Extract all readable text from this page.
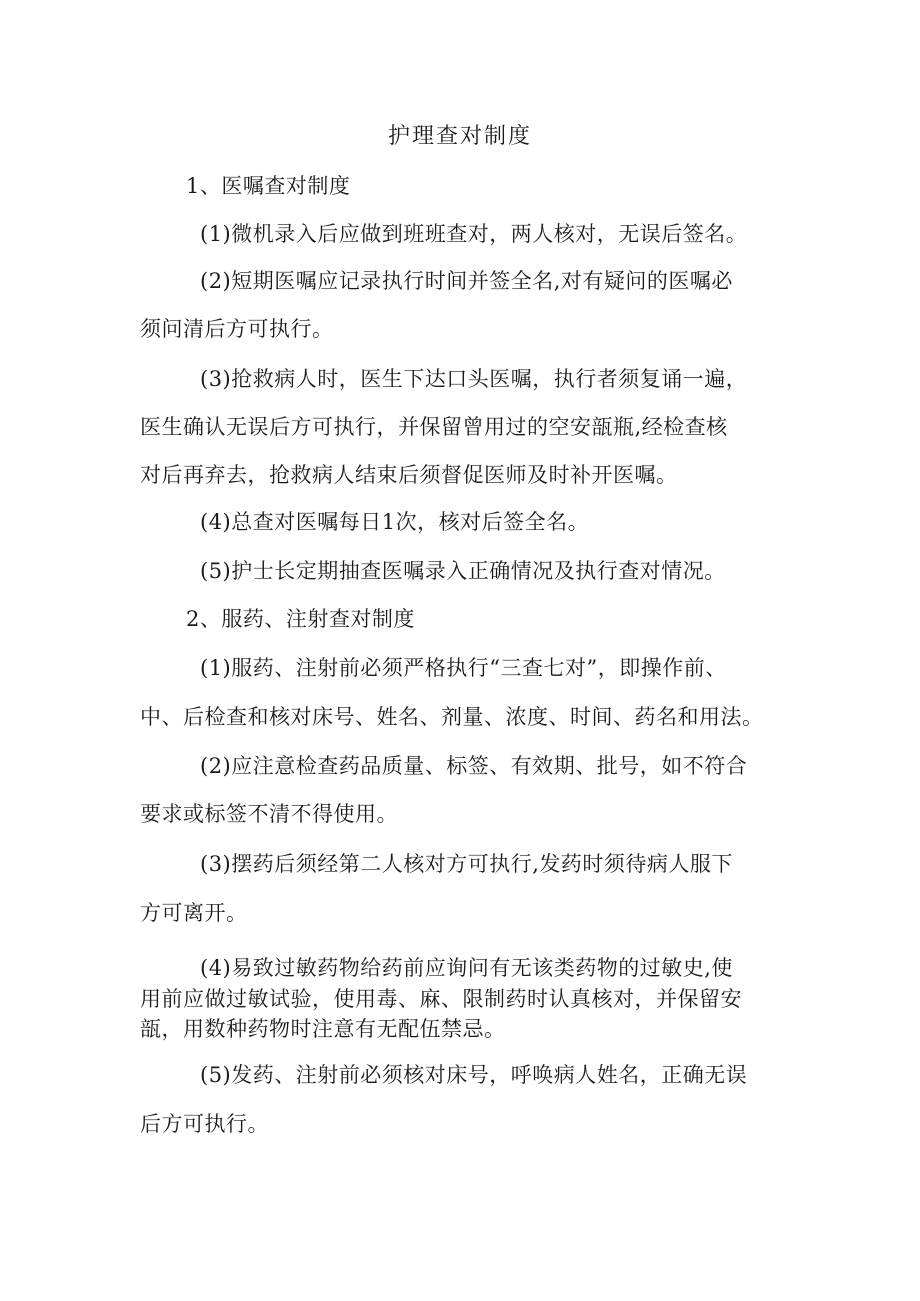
护理查对制度
1、医嘱查对制度
(1)微机录入后应做到班班查对，两人核对，无误后签名。
(2)短期医嘱应记录执行时间并签全名,对有疑问的医嘱必
须问清后方可执行。
(3)抢救病人时，医生下达口头医嘱，执行者须复诵一遍，
医生确认无误后方可执行，并保留曾用过的空安瓿瓶,经检查核
对后再弃去，抢救病人结束后须督促医师及时补开医嘱。
(4)总查对医嘱每日1次，核对后签全名。
(5)护士长定期抽查医嘱录入正确情况及执行查对情况。
2、服药、注射查对制度
(1)服药、注射前必须严格执行“三查七对”，即操作前、
中、后检查和核对床号、姓名、剂量、浓度、时间、药名和用法。
(2)应注意检查药品质量、标签、有效期、批号，如不符合
要求或标签不清不得使用。
(3)摆药后须经第二人核对方可执行,发药时须待病人服下
方可离开。
(4)易致过敏药物给药前应询问有无该类药物的过敏史,使
用前应做过敏试验，使用毒、麻、限制药时认真核对，并保留安
瓿，用数种药物时注意有无配伍禁忌。
(5)发药、注射前必须核对床号，呼唤病人姓名，正确无误
后方可执行。
